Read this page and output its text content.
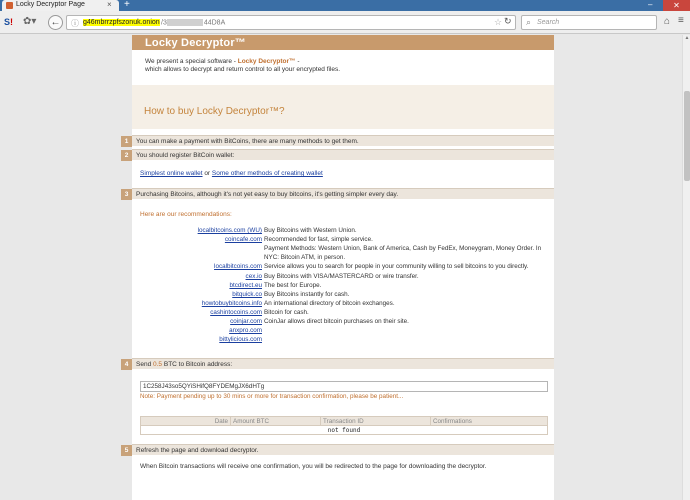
Locky Decryptor Page	× +	–	✕
S! ✿▾ ←	ⓘ g46mbrrzpfszonuk.onion /3	44D8A	☆ ↻ ⌕ Search	⌂ ≡
Locky Decryptor™
We present a special software - Locky Decryptor™ -
which allows to decrypt and return control to all your encrypted files.
How to buy Locky Decryptor™?
1	You can make a payment with BitCoins, there are many methods to get them.
2	You should register BitCoin wallet:
Simplest online wallet or Some other methods of creating wallet
3	Purchasing Bitcoins, although it's not yet easy to buy bitcoins, it's getting simpler every day.
Here are our recommendations:
localbitcoins.com (WU) Buy Bitcoins with Western Union.
coincafe.com Recommended for fast, simple service.
Payment Methods: Western Union, Bank of America, Cash by FedEx, Moneygram, Money Order. In NYC: Bitcoin ATM, in person.
localbitcoins.com Service allows you to search for people in your community willing to sell bitcoins to you directly.
cex.io Buy Bitcoins with VISA/MASTERCARD or wire transfer.
btcdirect.eu The best for Europe.
bitquick.co Buy Bitcoins instantly for cash.
howtobuybitcoins.info An international directory of bitcoin exchanges.
cashintocoins.com Bitcoin for cash.
coinjar.com CoinJar allows direct bitcoin purchases on their site.
anxpro.com
bittylicious.com
4	Send 0.5 BTC to Bitcoin address:
1C258J43so5QYiSHifQ8FYDEMgJX6dHTg
Note: Payment pending up to 30 mins or more for transaction confirmation, please be patient...
Date	Amount BTC	Transaction ID	Confirmations
not found
5	Refresh the page and download decryptor.
When Bitcoin transactions will receive one confirmation, you will be redirected to the page for downloading the decryptor.
▲
